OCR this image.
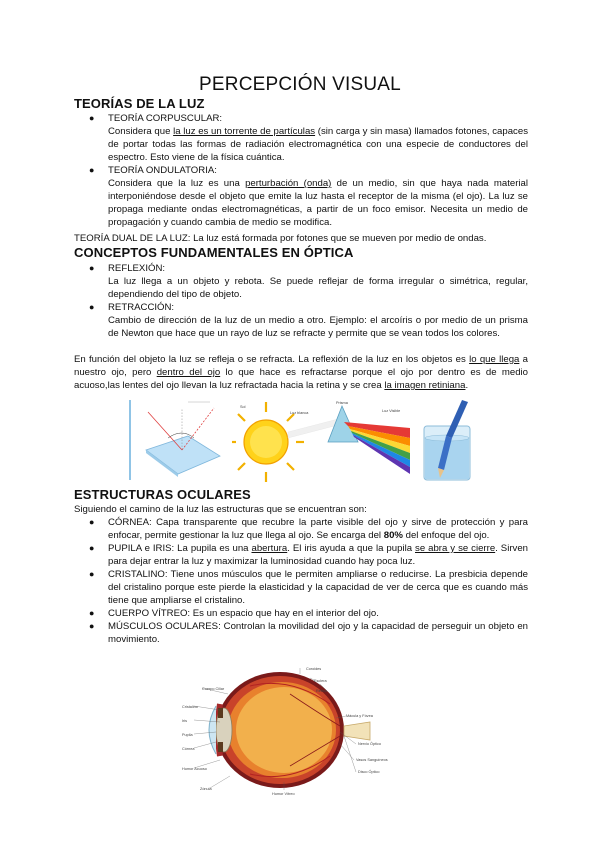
PERCEPCIÓN VISUAL
TEORÍAS DE LA LUZ
● TEORÍA CORPUSCULAR:
Considera que la luz es un torrente de partículas (sin carga y sin masa) llamados fotones, capaces de portar todas las formas de radiación electromagnética con una especie de conductores del espectro. Esto viene de la física cuántica.
● TEORÍA ONDULATORIA:
Considera que la luz es una perturbación (onda) de un medio, sin que haya nada material interponiéndose desde el objeto que emite la luz hasta el receptor de la misma (el ojo). La luz se propaga mediante ondas electromagnéticas, a partir de un foco emisor. Necesita un medio de propagación y cuando cambia de medio se modifica.
TEORÍA DUAL DE LA LUZ: La luz está formada por fotones que se mueven por medio de ondas.
CONCEPTOS FUNDAMENTALES EN ÓPTICA
● REFLEXIÓN:
La luz llega a un objeto y rebota. Se puede reflejar de forma irregular o simétrica, regular, dependiendo del tipo de objeto.
● RETRACCIÓN:
Cambio de dirección de la luz de un medio a otro. Ejemplo: el arcoíris o por medio de un prisma de Newton que hace que un rayo de luz se refracte y permite que se vean todos los colores.
En función del objeto la luz se refleja o se refracta. La reflexión de la luz en los objetos es lo que llega a nuestro ojo, pero dentro del ojo lo que hace es refractarse porque el ojo por dentro es de medio acuoso,las lentes del ojo llevan la luz refractada hacia la retina y se crea la imagen retiniana.
Sol
Luz blanca
Prisma
Luz Visible
ESTRUCTURAS OCULARES
Siguiendo el camino de la luz las estructuras que se encuentran son:
● CÓRNEA: Capa transparente que recubre la parte visible del ojo y sirve de protección y para enfocar, permite gestionar la luz que llega al ojo. Se encarga del 80% del enfoque del ojo.
● PUPILA e IRIS: La pupila es una abertura. El iris ayuda a que la pupila se abra y se cierre. Sirven para dejar entrar la luz y maximizar la luminosidad cuando hay poca luz.
● CRISTALINO: Tiene unos músculos que le permiten ampliarse o reducirse. La presbicia depende del cristalino porque este pierde la elasticidad y la capacidad de ver de cerca que es cuando más tiene que ampliarse el cristalino.
● CUERPO VÍTREO: Es un espacio que hay en el interior del ojo.
● MÚSCULOS OCULARES: Controlan la movilidad del ojo y la capacidad de perseguir un objeto en movimiento.
Coroides
Esclera
Retina
Cuerpo Ciliar
Cristalino
Iris
Pupila
Córnea
Humor Acuoso
Zónula
Mácula y Fóvea
Nervio Óptico
Vasos Sanguíneos
Disco Óptico
Humor Vítreo
